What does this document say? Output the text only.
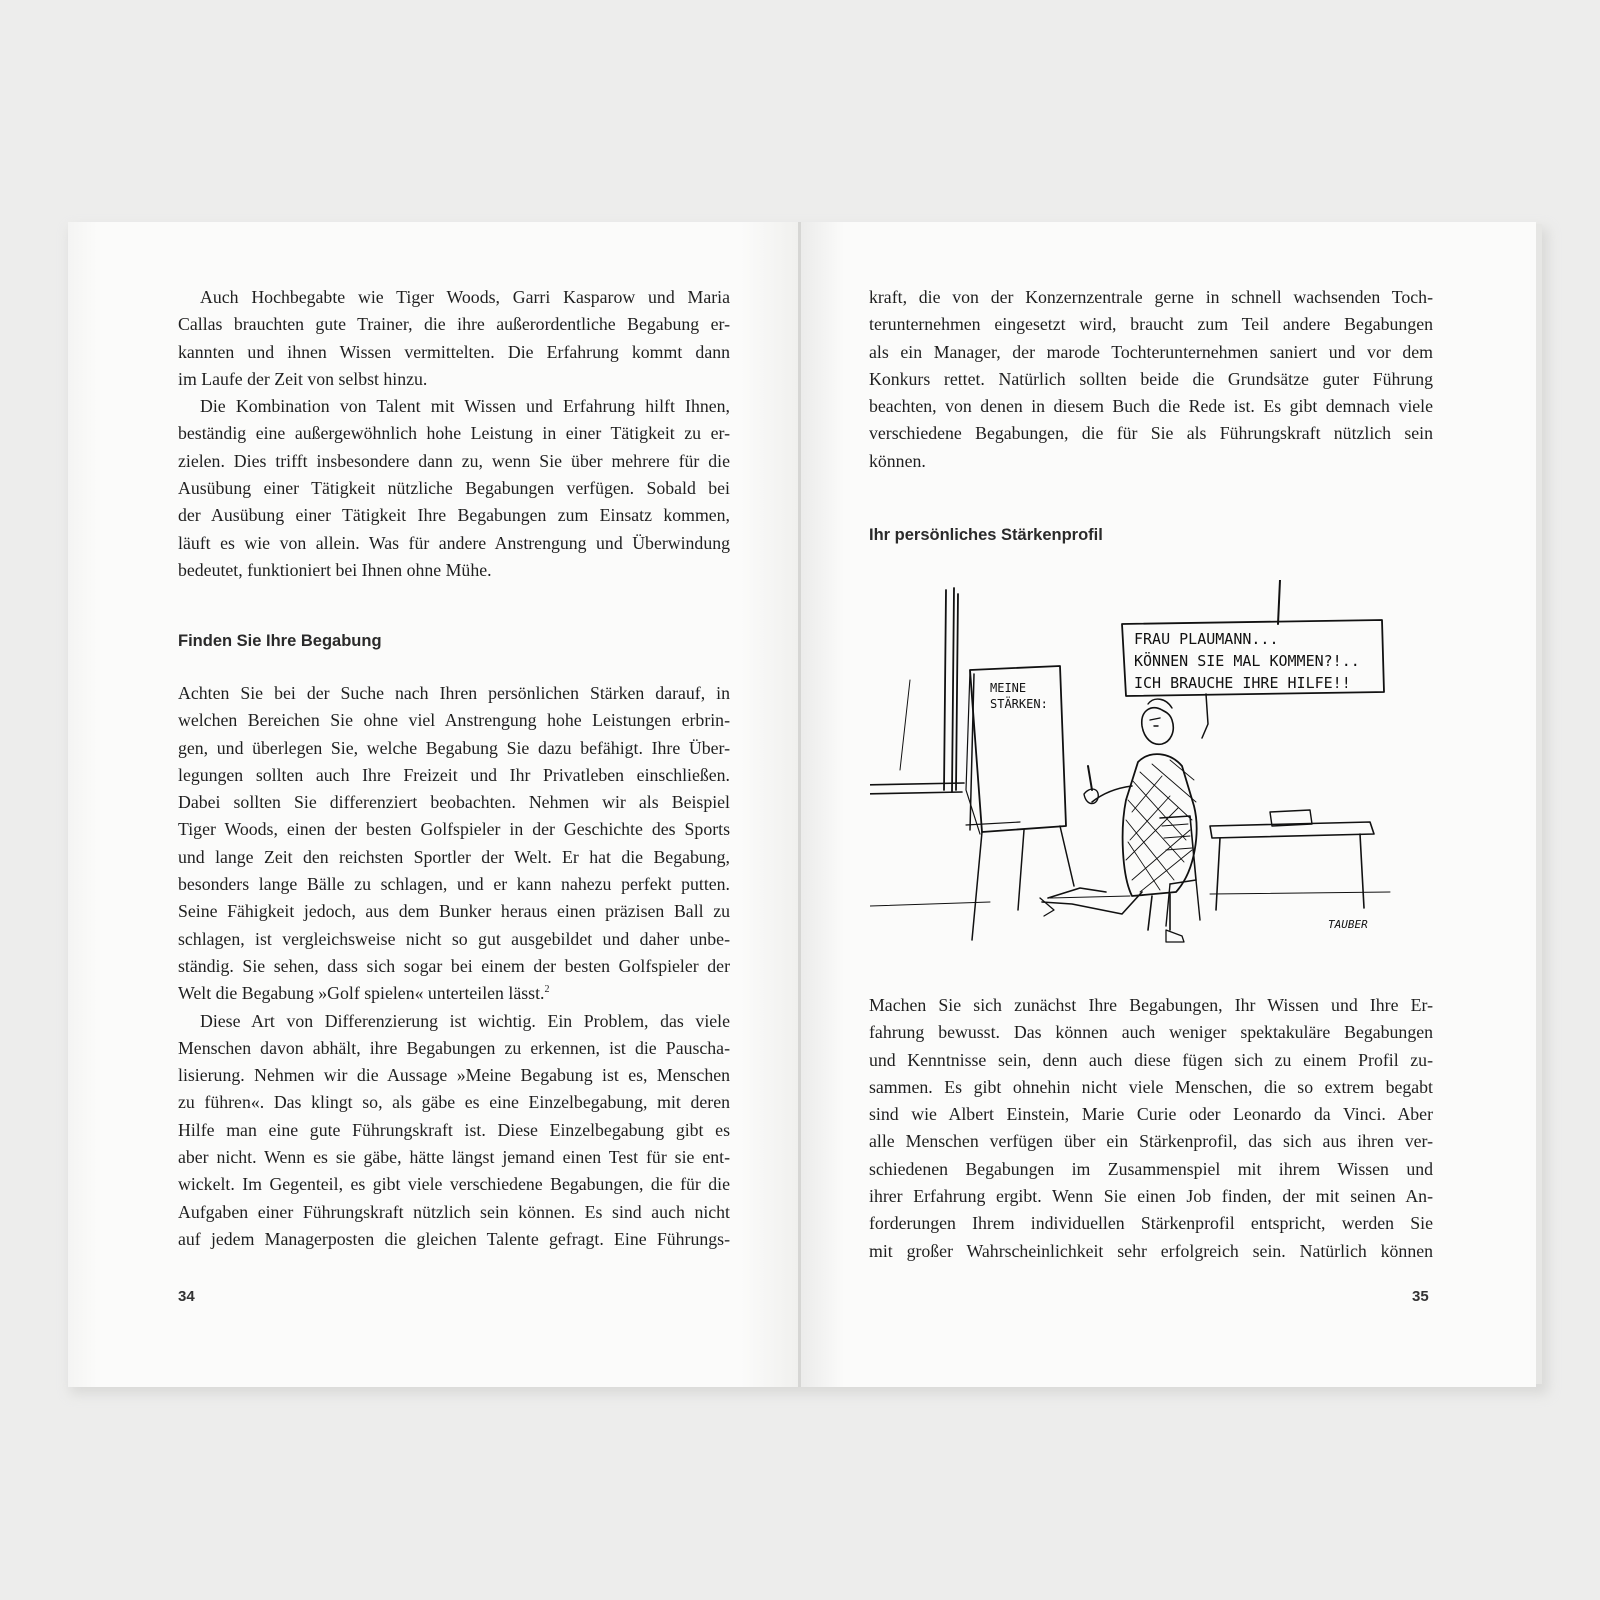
Auch Hochbegabte wie Tiger Woods, Garri Kasparow und Maria
Callas brauchten gute Trainer, die ihre außerordentliche Begabung er-
kannten und ihnen Wissen vermittelten. Die Erfahrung kommt dann
im Laufe der Zeit von selbst hinzu.
Die Kombination von Talent mit Wissen und Erfahrung hilft Ihnen,
beständig eine außergewöhnlich hohe Leistung in einer Tätigkeit zu er-
zielen. Dies trifft insbesondere dann zu, wenn Sie über mehrere für die
Ausübung einer Tätigkeit nützliche Begabungen verfügen. Sobald bei
der Ausübung einer Tätigkeit Ihre Begabungen zum Einsatz kommen,
läuft es wie von allein. Was für andere Anstrengung und Überwindung
bedeutet, funktioniert bei Ihnen ohne Mühe.
Finden Sie Ihre Begabung
Achten Sie bei der Suche nach Ihren persönlichen Stärken darauf, in
welchen Bereichen Sie ohne viel Anstrengung hohe Leistungen erbrin-
gen, und überlegen Sie, welche Begabung Sie dazu befähigt. Ihre Über-
legungen sollten auch Ihre Freizeit und Ihr Privatleben einschließen.
Dabei sollten Sie differenziert beobachten. Nehmen wir als Beispiel
Tiger Woods, einen der besten Golfspieler in der Geschichte des Sports
und lange Zeit den reichsten Sportler der Welt. Er hat die Begabung,
besonders lange Bälle zu schlagen, und er kann nahezu perfekt putten.
Seine Fähigkeit jedoch, aus dem Bunker heraus einen präzisen Ball zu
schlagen, ist vergleichsweise nicht so gut ausgebildet und daher unbe-
ständig. Sie sehen, dass sich sogar bei einem der besten Golfspieler der
Welt die Begabung »Golf spielen« unterteilen lässt.$^2$
Diese Art von Differenzierung ist wichtig. Ein Problem, das viele
Menschen davon abhält, ihre Begabungen zu erkennen, ist die Pauscha-
lisierung. Nehmen wir die Aussage »Meine Begabung ist es, Menschen
zu führen«. Das klingt so, als gäbe es eine Einzelbegabung, mit deren
Hilfe man eine gute Führungskraft ist. Diese Einzelbegabung gibt es
aber nicht. Wenn es sie gäbe, hätte längst jemand einen Test für sie ent-
wickelt. Im Gegenteil, es gibt viele verschiedene Begabungen, die für die
Aufgaben einer Führungskraft nützlich sein können. Es sind auch nicht
auf jedem Managerposten die gleichen Talente gefragt. Eine Führungs-
34
kraft, die von der Konzernzentrale gerne in schnell wachsenden Toch-
terunternehmen eingesetzt wird, braucht zum Teil andere Begabungen
als ein Manager, der marode Tochterunternehmen saniert und vor dem
Konkurs rettet. Natürlich sollten beide die Grundsätze guter Führung
beachten, von denen in diesem Buch die Rede ist. Es gibt demnach viele
verschiedene Begabungen, die für Sie als Führungskraft nützlich sein
können.
Ihr persönliches Stärkenprofil
FRAU PLAUMANN...
KÖNNEN SIE MAL KOMMEN?!..
ICH BRAUCHE IHRE HILFE!!
MEINE
STÄRKEN:
TAUBER
Machen Sie sich zunächst Ihre Begabungen, Ihr Wissen und Ihre Er-
fahrung bewusst. Das können auch weniger spektakuläre Begabungen
und Kenntnisse sein, denn auch diese fügen sich zu einem Profil zu-
sammen. Es gibt ohnehin nicht viele Menschen, die so extrem begabt
sind wie Albert Einstein, Marie Curie oder Leonardo da Vinci. Aber
alle Menschen verfügen über ein Stärkenprofil, das sich aus ihren ver-
schiedenen Begabungen im Zusammenspiel mit ihrem Wissen und
ihrer Erfahrung ergibt. Wenn Sie einen Job finden, der mit seinen An-
forderungen Ihrem individuellen Stärkenprofil entspricht, werden Sie
mit großer Wahrscheinlichkeit sehr erfolgreich sein. Natürlich können
35
